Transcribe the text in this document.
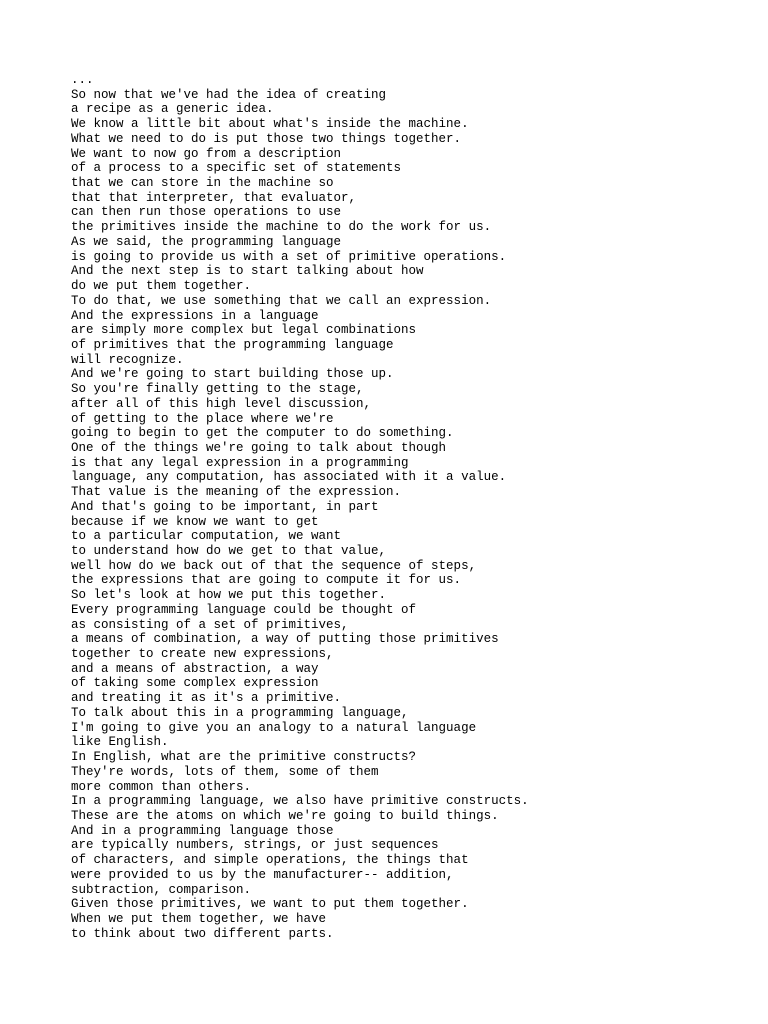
...
So now that we've had the idea of creating
a recipe as a generic idea.
We know a little bit about what's inside the machine.
What we need to do is put those two things together.
We want to now go from a description
of a process to a specific set of statements
that we can store in the machine so
that that interpreter, that evaluator,
can then run those operations to use
the primitives inside the machine to do the work for us.
As we said, the programming language
is going to provide us with a set of primitive operations.
And the next step is to start talking about how
do we put them together.
To do that, we use something that we call an expression.
And the expressions in a language
are simply more complex but legal combinations
of primitives that the programming language
will recognize.
And we're going to start building those up.
So you're finally getting to the stage,
after all of this high level discussion,
of getting to the place where we're
going to begin to get the computer to do something.
One of the things we're going to talk about though
is that any legal expression in a programming
language, any computation, has associated with it a value.
That value is the meaning of the expression.
And that's going to be important, in part
because if we know we want to get
to a particular computation, we want
to understand how do we get to that value,
well how do we back out of that the sequence of steps,
the expressions that are going to compute it for us.
So let's look at how we put this together.
Every programming language could be thought of
as consisting of a set of primitives,
a means of combination, a way of putting those primitives
together to create new expressions,
and a means of abstraction, a way
of taking some complex expression
and treating it as it's a primitive.
To talk about this in a programming language,
I'm going to give you an analogy to a natural language
like English.
In English, what are the primitive constructs?
They're words, lots of them, some of them
more common than others.
In a programming language, we also have primitive constructs.
These are the atoms on which we're going to build things.
And in a programming language those
are typically numbers, strings, or just sequences
of characters, and simple operations, the things that
were provided to us by the manufacturer-- addition,
subtraction, comparison.
Given those primitives, we want to put them together.
When we put them together, we have
to think about two different parts.
